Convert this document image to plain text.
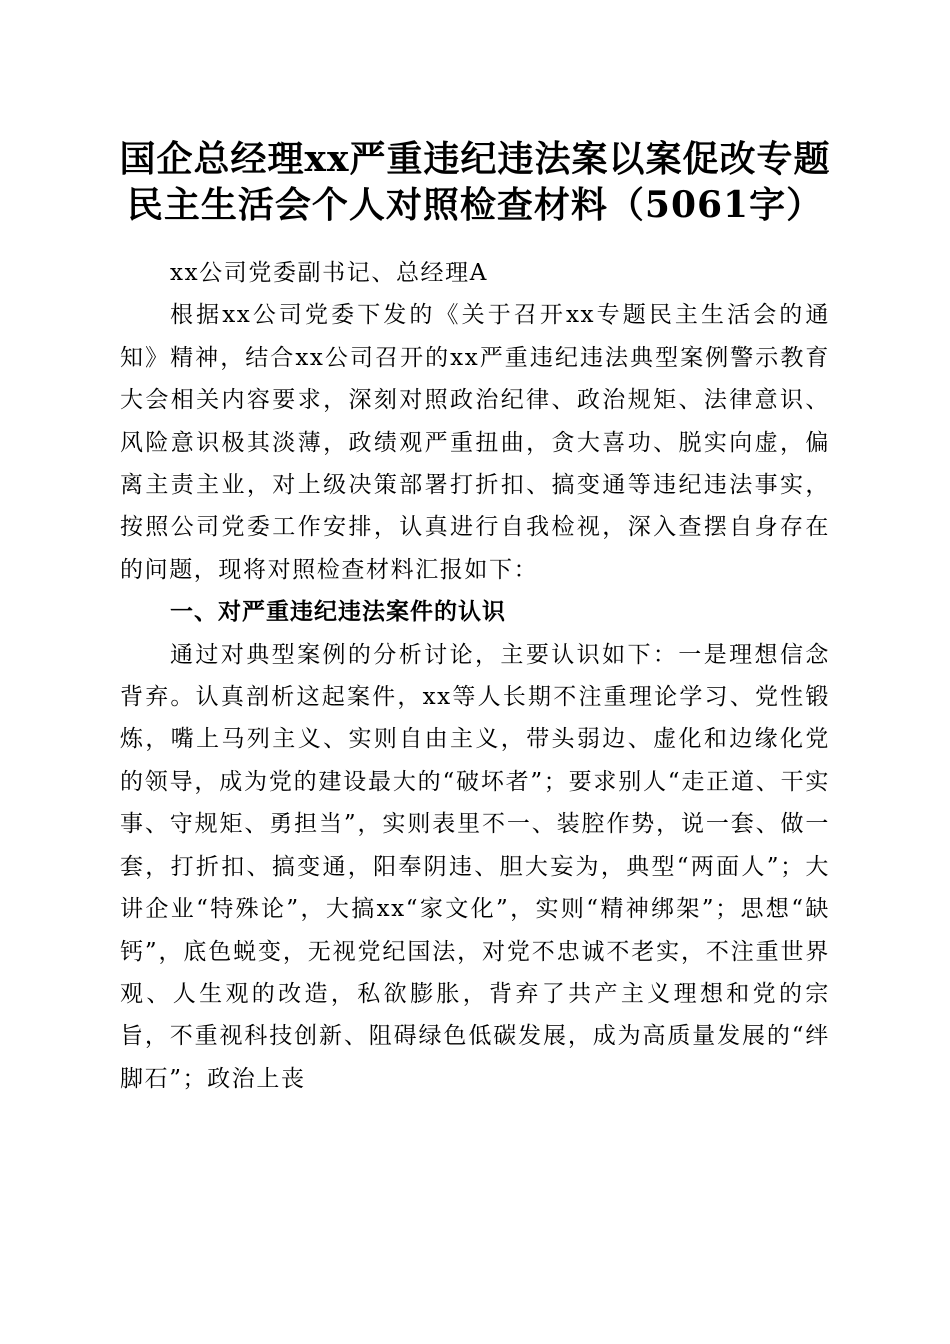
国企总经理xx严重违纪违法案以案促改专题
民主生活会个人对照检查材料（5061字）

xx公司党委副书记、总经理A

根据xx公司党委下发的《关于召开xx专题民主生活会的通知》精神，结合xx公司召开的xx严重违纪违法典型案例警示教育大会相关内容要求，深刻对照政治纪律、政治规矩、法律意识、风险意识极其淡薄，政绩观严重扭曲，贪大喜功、脱实向虚，偏离主责主业，对上级决策部署打折扣、搞变通等违纪违法事实，按照公司党委工作安排，认真进行自我检视，深入查摆自身存在的问题，现将对照检查材料汇报如下：

一、对严重违纪违法案件的认识

通过对典型案例的分析讨论，主要认识如下：一是理想信念背弃。认真剖析这起案件，xx等人长期不注重理论学习、党性锻炼，嘴上马列主义、实则自由主义，带头弱边、虚化和边缘化党的领导，成为党的建设最大的“破坏者”；要求别人“走正道、干实事、守规矩、勇担当”，实则表里不一、装腔作势，说一套、做一套，打折扣、搞变通，阳奉阴违、胆大妄为，典型“两面人”；大讲企业“特殊论”，大搞xx“家文化”，实则“精神绑架”；思想“缺钙”，底色蜕变，无视党纪国法，对党不忠诚不老实，不注重世界观、人生观的改造，私欲膨胀，背弃了共产主义理想和党的宗旨，不重视科技创新、阻碍绿色低碳发展，成为高质量发展的“绊脚石”；政治上丧
